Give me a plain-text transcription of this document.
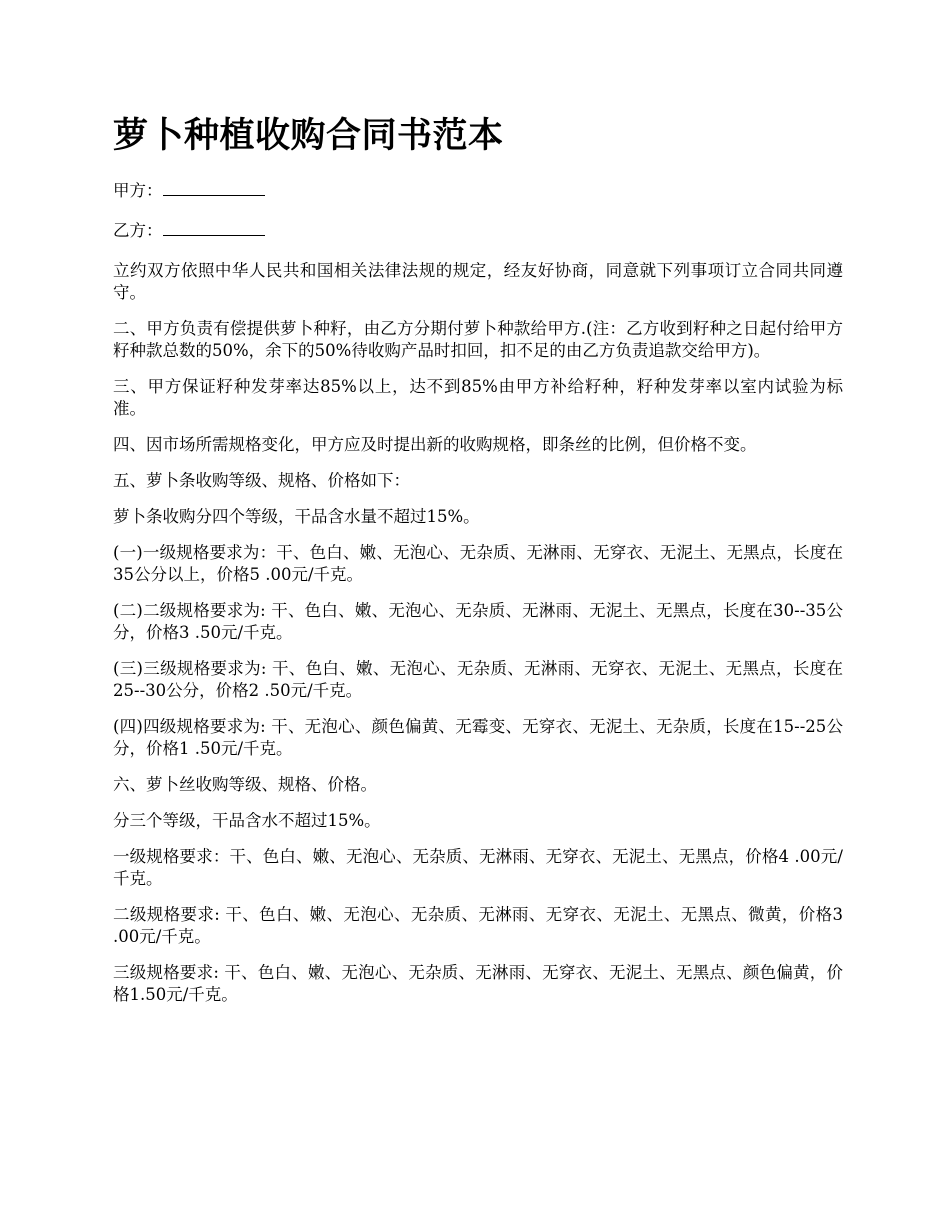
萝卜种植收购合同书范本

甲方：

乙方：

立约双方依照中华人民共和国相关法律法规的规定，经友好协商，同意就下列事项订立合同共同遵守。

二、甲方负责有偿提供萝卜种籽，由乙方分期付萝卜种款给甲方.(注：乙方收到籽种之日起付给甲方籽种款总数的50%，余下的50%待收购产品时扣回，扣不足的由乙方负责追款交给甲方)。

三、甲方保证籽种发芽率达85%以上，达不到85%由甲方补给籽种，籽种发芽率以室内试验为标准。

四、因市场所需规格变化，甲方应及时提出新的收购规格，即条丝的比例，但价格不变。

五、萝卜条收购等级、规格、价格如下：

萝卜条收购分四个等级，干品含水量不超过15%。

(一)一级规格要求为：干、色白、嫩、无泡心、无杂质、无淋雨、无穿衣、无泥土、无黑点，长度在35公分以上，价格5 .00元/千克。

(二)二级规格要求为: 干、色白、嫩、无泡心、无杂质、无淋雨、无泥土、无黑点，长度在30--35公分，价格3 .50元/千克。

(三)三级规格要求为: 干、色白、嫩、无泡心、无杂质、无淋雨、无穿衣、无泥土、无黑点，长度在25--30公分，价格2 .50元/千克。

(四)四级规格要求为: 干、无泡心、颜色偏黄、无霉变、无穿衣、无泥土、无杂质，长度在15--25公分，价格1 .50元/千克。

六、萝卜丝收购等级、规格、价格。

分三个等级，干品含水不超过15%。

一级规格要求：干、色白、嫩、无泡心、无杂质、无淋雨、无穿衣、无泥土、无黑点，价格4 .00元/千克。

二级规格要求: 干、色白、嫩、无泡心、无杂质、无淋雨、无穿衣、无泥土、无黑点、微黄，价格3 .00元/千克。

三级规格要求: 干、色白、嫩、无泡心、无杂质、无淋雨、无穿衣、无泥土、无黑点、颜色偏黄，价格1.50元/千克。
